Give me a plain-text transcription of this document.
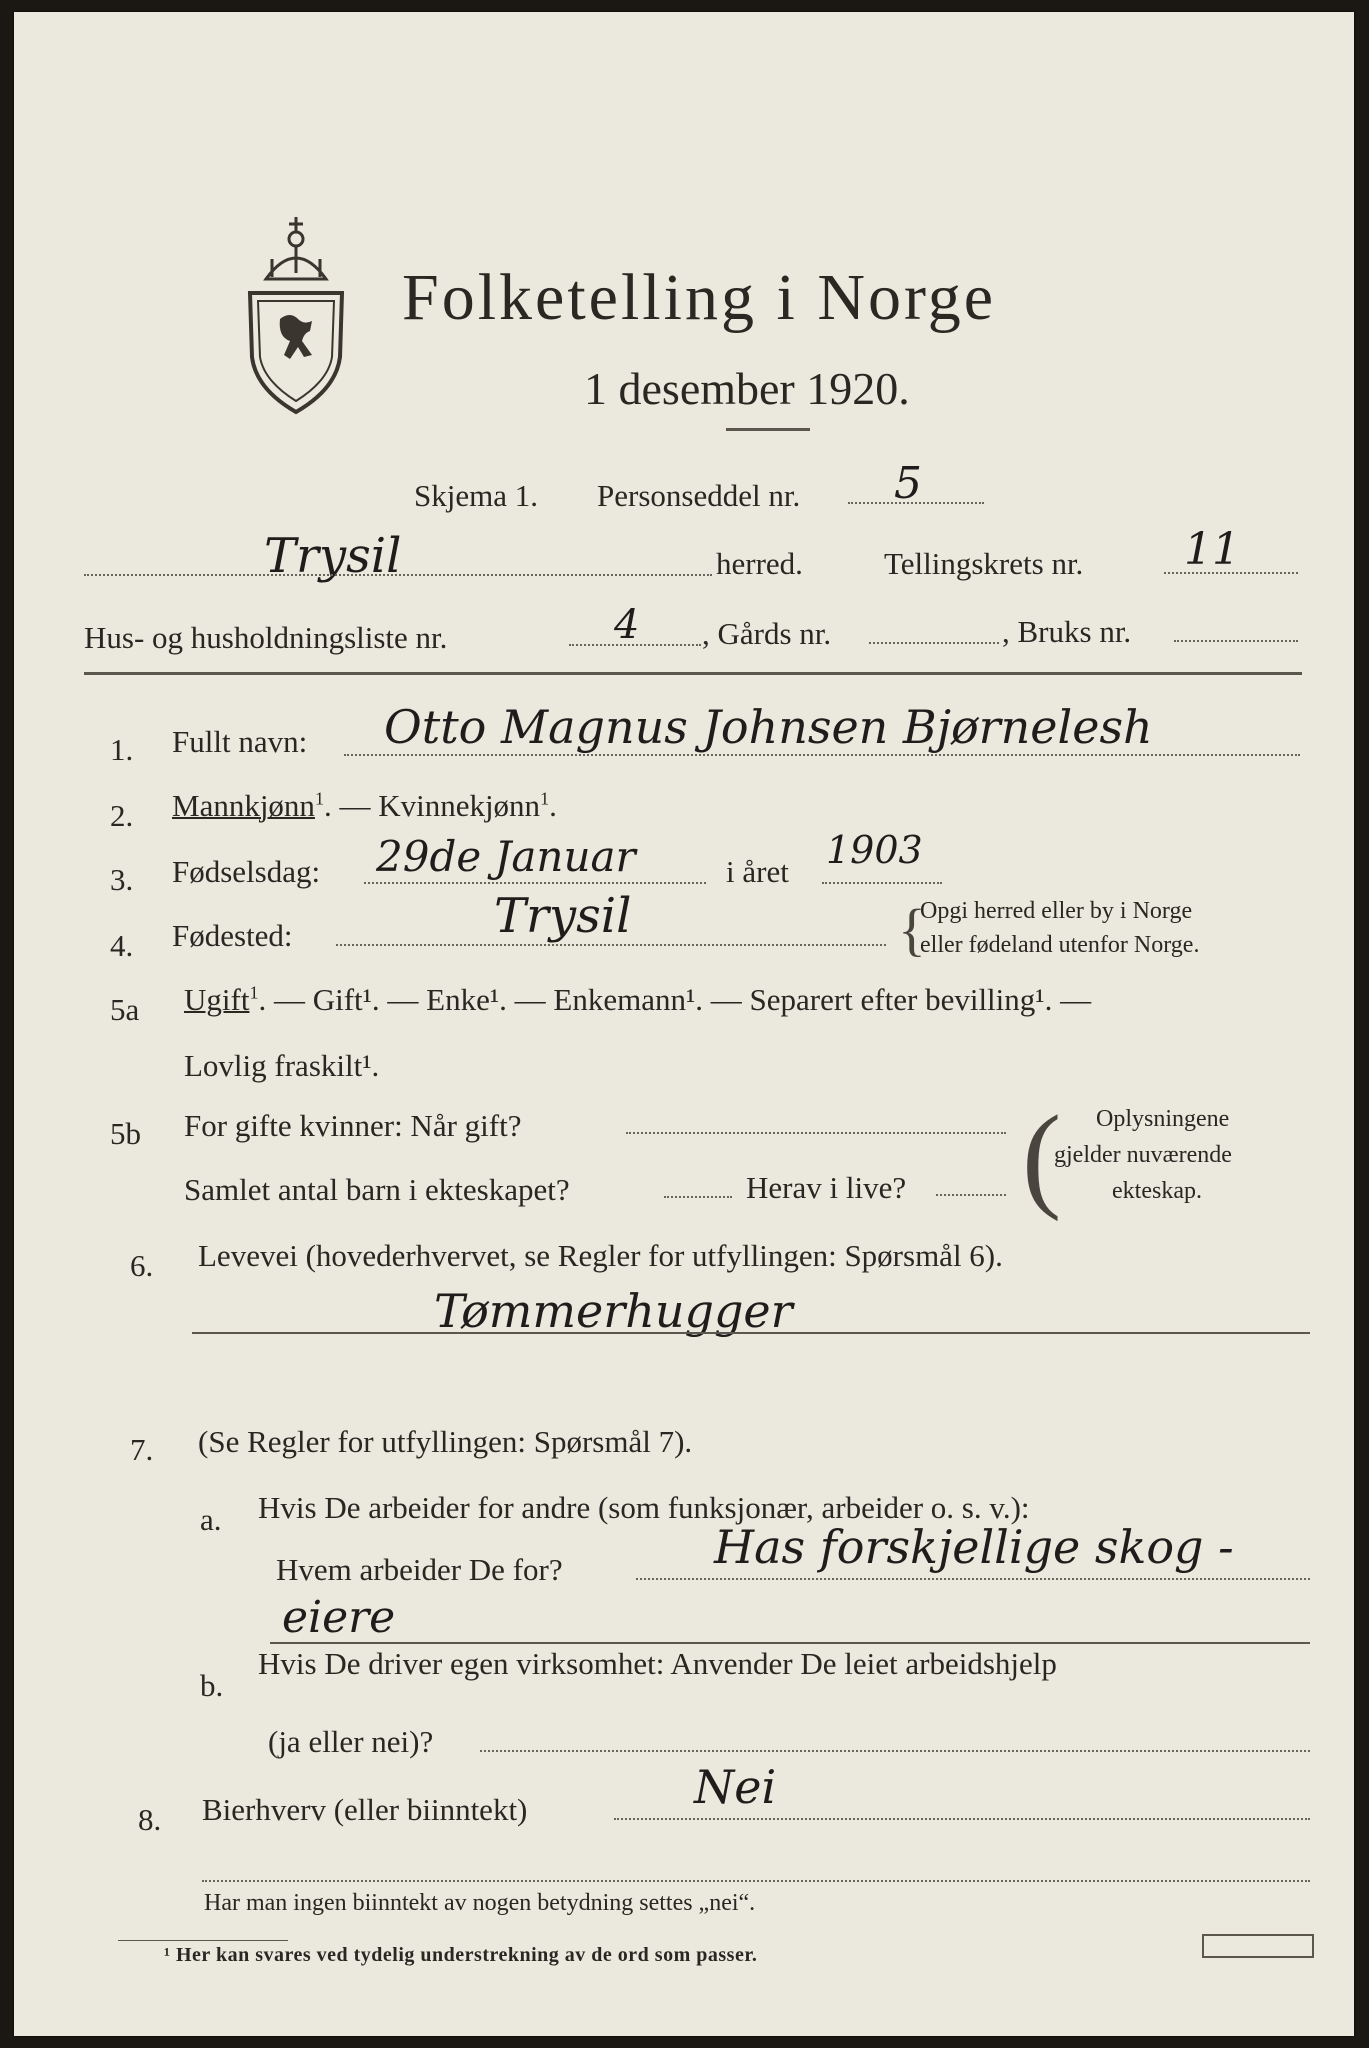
Folketelling i Norge
1 desember 1920.
Skjema 1. Personseddel nr. 5
Trysil	herred.	Tellingskrets nr. 11
Hus- og husholdningsliste nr.	4 , Gårds nr.	, Bruks nr.
1. Fullt navn: Otto Magnus Johnsen Bjørnelesh
2. Mannkjønn$^1$. — Kvinnekjønn$^1$.
3. Fødselsdag: 29de Januar	i året 1903
4. Fødested:	Trysil	{
Opgi herred eller by i Norge
eller fødeland utenfor Norge.
5a Ugift$^1$. — Gift¹. — Enke¹. — Enkemann¹. — Separert efter bevilling¹. —
Lovlig fraskilt¹.
5b For gifte kvinner: Når gift?
Samlet antal barn i ekteskapet?	Herav i live? ( Oplysningene
gjelder nuværende
ekteskap.
6. Levevei (hovederhvervet, se Regler for utfyllingen: Spørsmål 6).
Tømmerhugger
7. (Se Regler for utfyllingen: Spørsmål 7).
a. Hvis De arbeider for andre (som funksjonær, arbeider o. s. v.):
Hvem arbeider De for?	Has forskjellige skog -
eiere
b.
Hvis De driver egen virksomhet: Anvender De leiet arbeidshjelp
(ja eller nei)?
8. Bierhverv (eller biinntekt)	Nei
Har man ingen biinntekt av nogen betydning settes „nei“.
¹ Her kan svares ved tydelig understrekning av de ord som passer.
